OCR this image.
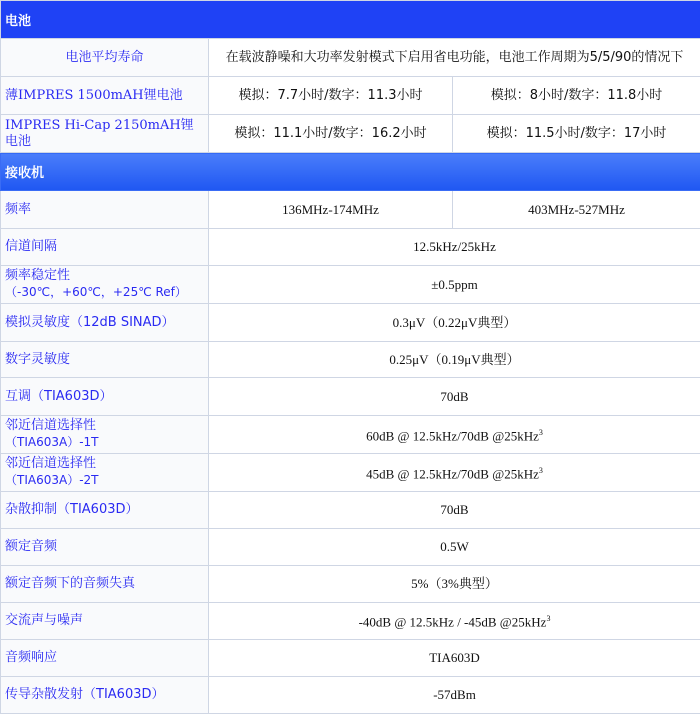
电池		
电池平均寿命	在载波静噪和大功率发射模式下启用省电功能，电池工作周期为5/5/90的情况下	
薄IMPRES 1500mAH锂电池	模拟：7.7小时/数字：11.3小时	模拟：8小时/数字：11.8小时
IMPRES Hi-Cap 2150mAH锂电池	模拟：11.1小时/数字：16.2小时	模拟：11.5小时/数字：17小时
接收机		
频率	136MHz-174MHz	403MHz-527MHz
信道间隔	12.5kHz/25kHz	
频率稳定性
（-30℃，+60℃，+25℃ Ref）	±0.5ppm	
模拟灵敏度（12dB SINAD）	0.3μV（0.22μV典型）	
数字灵敏度	0.25μV（0.19μV典型）	
互调（TIA603D）	70dB	
邻近信道选择性
（TIA603A）-1T	60dB @ 12.5kHz/70dB @25kHz$^3$
邻近信道选择性
（TIA603A）-2T	45dB @ 12.5kHz/70dB @25kHz$^3$
杂散抑制（TIA603D）	70dB	
额定音频	0.5W	
额定音频下的音频失真	5%（3%典型）	
交流声与噪声	-40dB @ 12.5kHz / -45dB @25kHz$^3$
音频响应	TIA603D	
传导杂散发射（TIA603D）	-57dBm	
